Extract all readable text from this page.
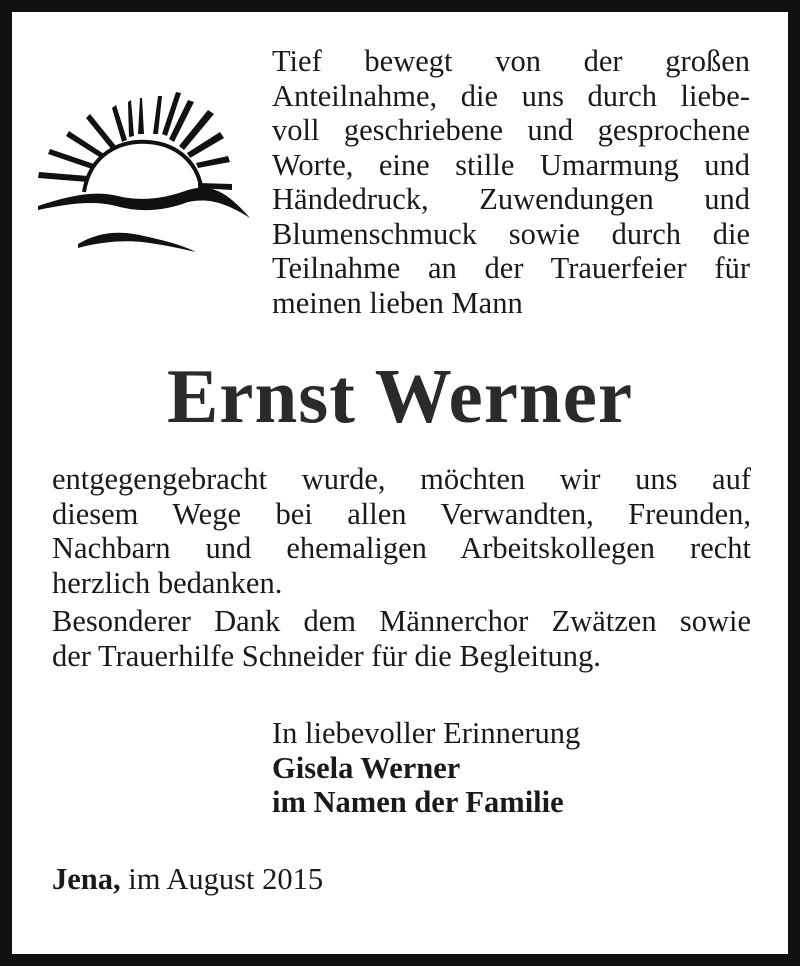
Tief bewegt von der großen
Anteilnahme, die uns durch liebe-
voll geschriebene und gesprochene
Worte, eine stille Umarmung und
Händedruck, Zuwendungen und
Blumenschmuck sowie durch die
Teilnahme an der Trauerfeier für
meinen lieben Mann
Ernst Werner
entgegengebracht wurde, möchten wir uns auf
diesem Wege bei allen Verwandten, Freunden,
Nachbarn und ehemaligen Arbeitskollegen recht
herzlich bedanken.
Besonderer Dank dem Männerchor Zwätzen sowie
der Trauerhilfe Schneider für die Begleitung.
In liebevoller Erinnerung
Gisela Werner
im Namen der Familie
Jena, im August 2015
